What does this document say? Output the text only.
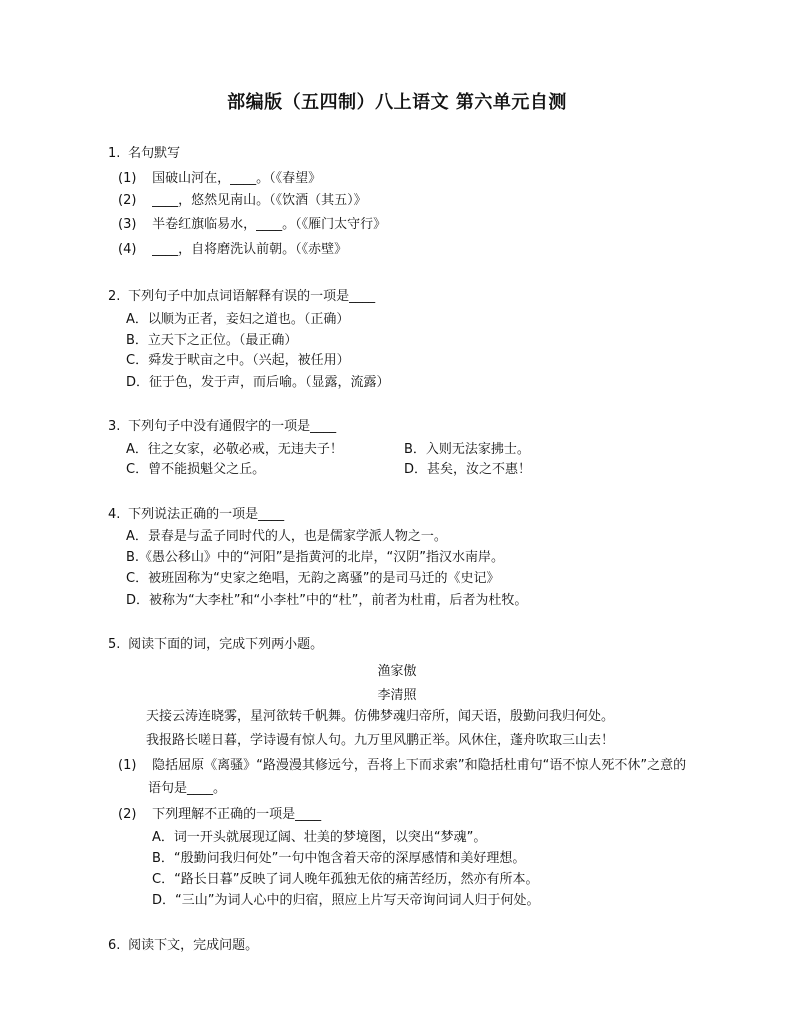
部编版（五四制）八上语文 第六单元自测
1. 名句默写
(1) 国破山河在，____。（《春望》
(2) ____，悠然见南山。（《饮酒（其五）》
(3) 半卷红旗临易水，____。（《雁门太守行》
(4) ____，自将磨洗认前朝。（《赤壁》
2. 下列句子中加点词语解释有误的一项是____
A．以顺为正者，妾妇之道也。（正确）
B．立天下之正位。（最正确）
C．舜发于畎亩之中。（兴起，被任用）
D．征于色，发于声，而后喻。（显露，流露）
3. 下列句子中没有通假字的一项是____
A．往之女家，必敬必戒，无违夫子！	B．入则无法家拂士。
C．曾不能损魁父之丘。	D．甚矣，汝之不惠！
4. 下列说法正确的一项是____
A．景春是与孟子同时代的人，也是儒家学派人物之一。
B.《愚公移山》中的“河阳”是指黄河的北岸，“汉阴”指汉水南岸。
C．被班固称为“史家之绝唱，无韵之离骚”的是司马迁的《史记》
D．被称为“大李杜”和“小李杜”中的“杜”，前者为杜甫，后者为杜牧。
5. 阅读下面的词，完成下列两小题。
渔家傲
李清照
天接云涛连晓雾，星河欲转千帆舞。仿佛梦魂归帝所，闻天语，殷勤问我归何处。
我报路长嗟日暮，学诗谩有惊人句。九万里风鹏正举。风休住，蓬舟吹取三山去！
(1) 隐括屈原《离骚》“路漫漫其修远兮，吾将上下而求索”和隐括杜甫句“语不惊人死不休”之意的
语句是____。
(2) 下列理解不正确的一项是____
A．词一开头就展现辽阔、壮美的梦境图，以突出“梦魂”。
B．“殷勤问我归何处”一句中饱含着天帝的深厚感情和美好理想。
C．“路长日暮”反映了词人晚年孤独无依的痛苦经历，然亦有所本。
D．“三山”为词人心中的归宿，照应上片写天帝询问词人归于何处。
6. 阅读下文，完成问题。
